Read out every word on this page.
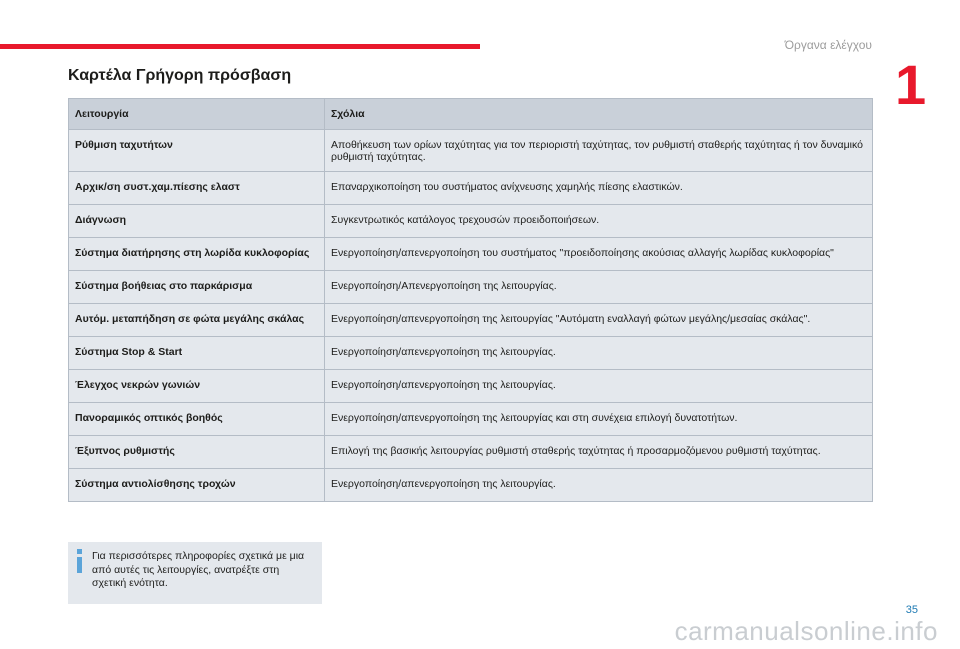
Όργανα ελέγχου
1
Καρτέλα Γρήγορη πρόσβαση
Λειτουργία	Σχόλια
Ρύθμιση ταχυτήτων	Αποθήκευση των ορίων ταχύτητας για τον περιοριστή ταχύτητας, τον ρυθμιστή σταθερής ταχύτητας ή τον δυναμικό ρυθμιστή ταχύτητας.
Αρχικ/ση συστ.χαμ.πίεσης ελαστ	Επαναρχικοποίηση του συστήματος ανίχνευσης χαμηλής πίεσης ελαστικών.
Διάγνωση	Συγκεντρωτικός κατάλογος τρεχουσών προειδοποιήσεων.
Σύστημα διατήρησης στη λωρίδα κυκλοφορίας	Ενεργοποίηση/απενεργοποίηση του συστήματος "προειδοποίησης ακούσιας αλλαγής λωρίδας κυκλοφορίας"
Σύστημα βοήθειας στο παρκάρισμα	Ενεργοποίηση/Απενεργοποίηση της λειτουργίας.
Αυτόμ. μεταπήδηση σε φώτα μεγάλης σκάλας	Ενεργοποίηση/απενεργοποίηση της λειτουργίας "Αυτόματη εναλλαγή φώτων μεγάλης/μεσαίας σκάλας".
Σύστημα Stop & Start	Ενεργοποίηση/απενεργοποίηση της λειτουργίας.
Έλεγχος νεκρών γωνιών	Ενεργοποίηση/απενεργοποίηση της λειτουργίας.
Πανοραμικός οπτικός βοηθός	Ενεργοποίηση/απενεργοποίηση της λειτουργίας και στη συνέχεια επιλογή δυνατοτήτων.
Έξυπνος ρυθμιστής	Επιλογή της βασικής λειτουργίας ρυθμιστή σταθερής ταχύτητας ή προσαρμοζόμενου ρυθμιστή ταχύτητας.
Σύστημα αντιολίσθησης τροχών	Ενεργοποίηση/απενεργοποίηση της λειτουργίας.
Για περισσότερες πληροφορίες σχετικά με μια από αυτές τις λειτουργίες, ανατρέξτε στη σχετική ενότητα.
35
carmanualsonline.info
